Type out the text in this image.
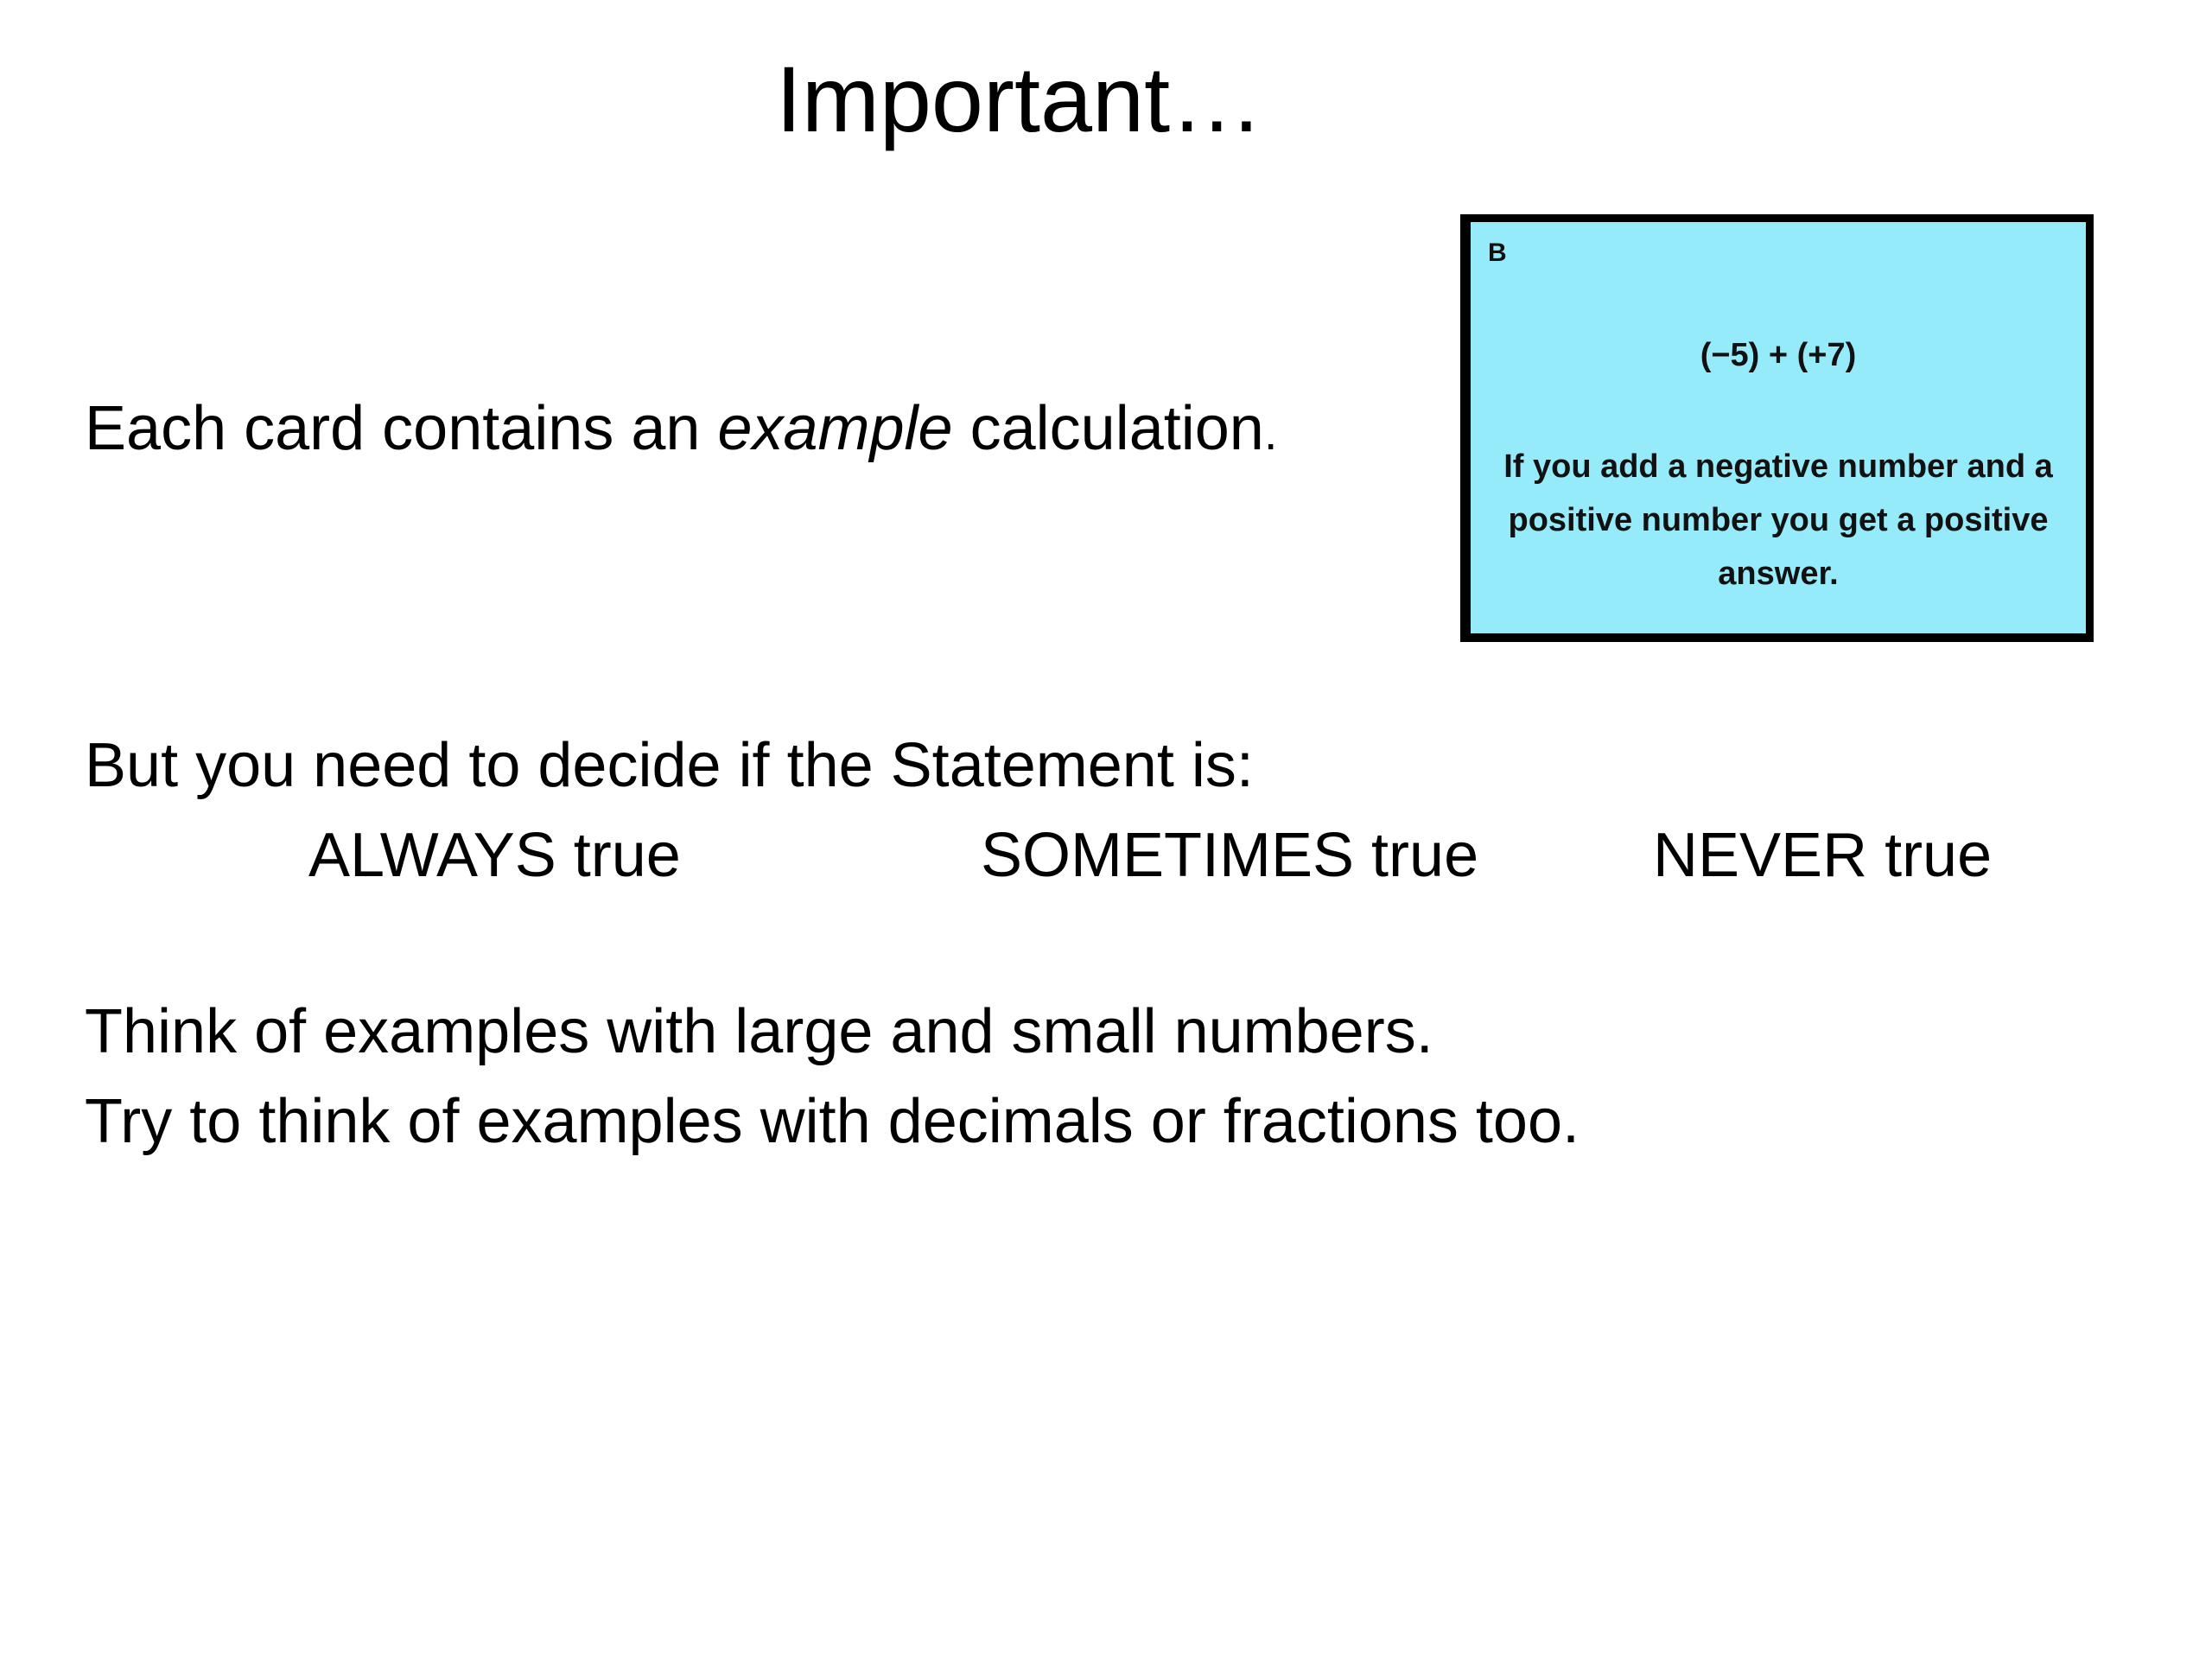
Important…
Each card contains an example calculation.
B
(−5) + (+7)
If you add a negative number and a positive number you get a positive answer.
But you need to decide if the Statement is:
ALWAYS true	SOMETIMES true	NEVER true
Think of examples with large and small numbers.
Try to think of examples with decimals or fractions too.
